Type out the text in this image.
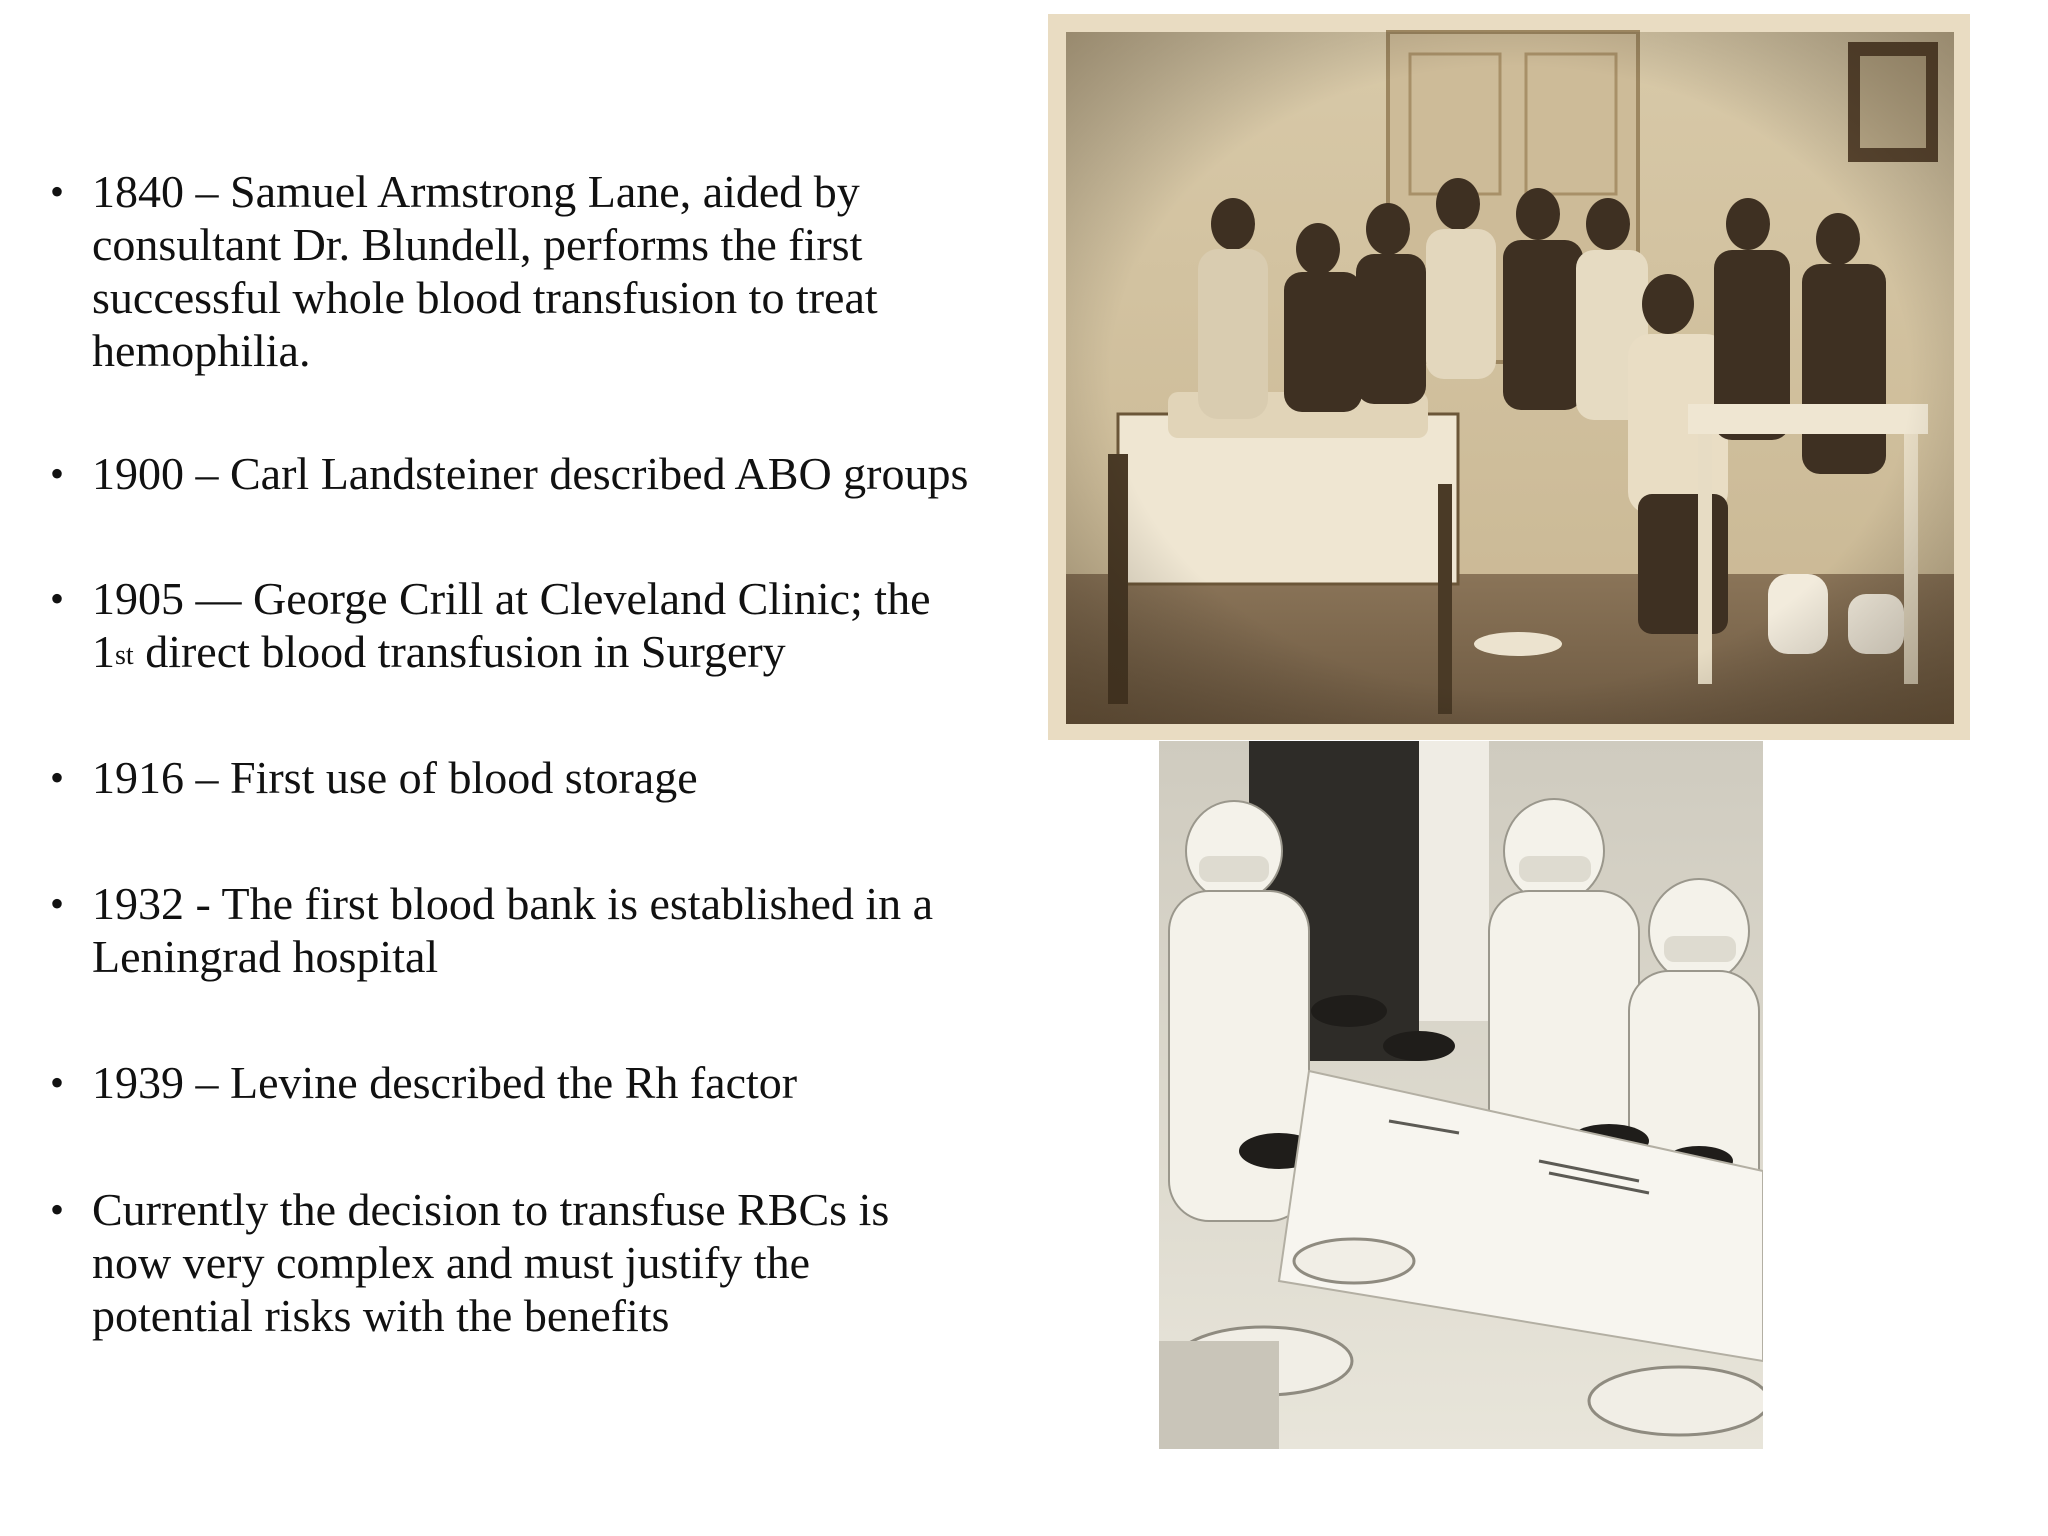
• 1840 – Samuel Armstrong Lane, aided by
consultant Dr. Blundell, performs the first
successful whole blood transfusion to treat
hemophilia.
• 1900 – Carl Landsteiner described ABO groups
• 1905 — George Crill at Cleveland Clinic; the
1st direct blood transfusion in Surgery
• 1916 – First use of blood storage
• 1932 - The first blood bank is established in a
Leningrad hospital
• 1939 – Levine described the Rh factor
• Currently the decision to transfuse RBCs is
now very complex and must justify the
potential risks with the benefits
